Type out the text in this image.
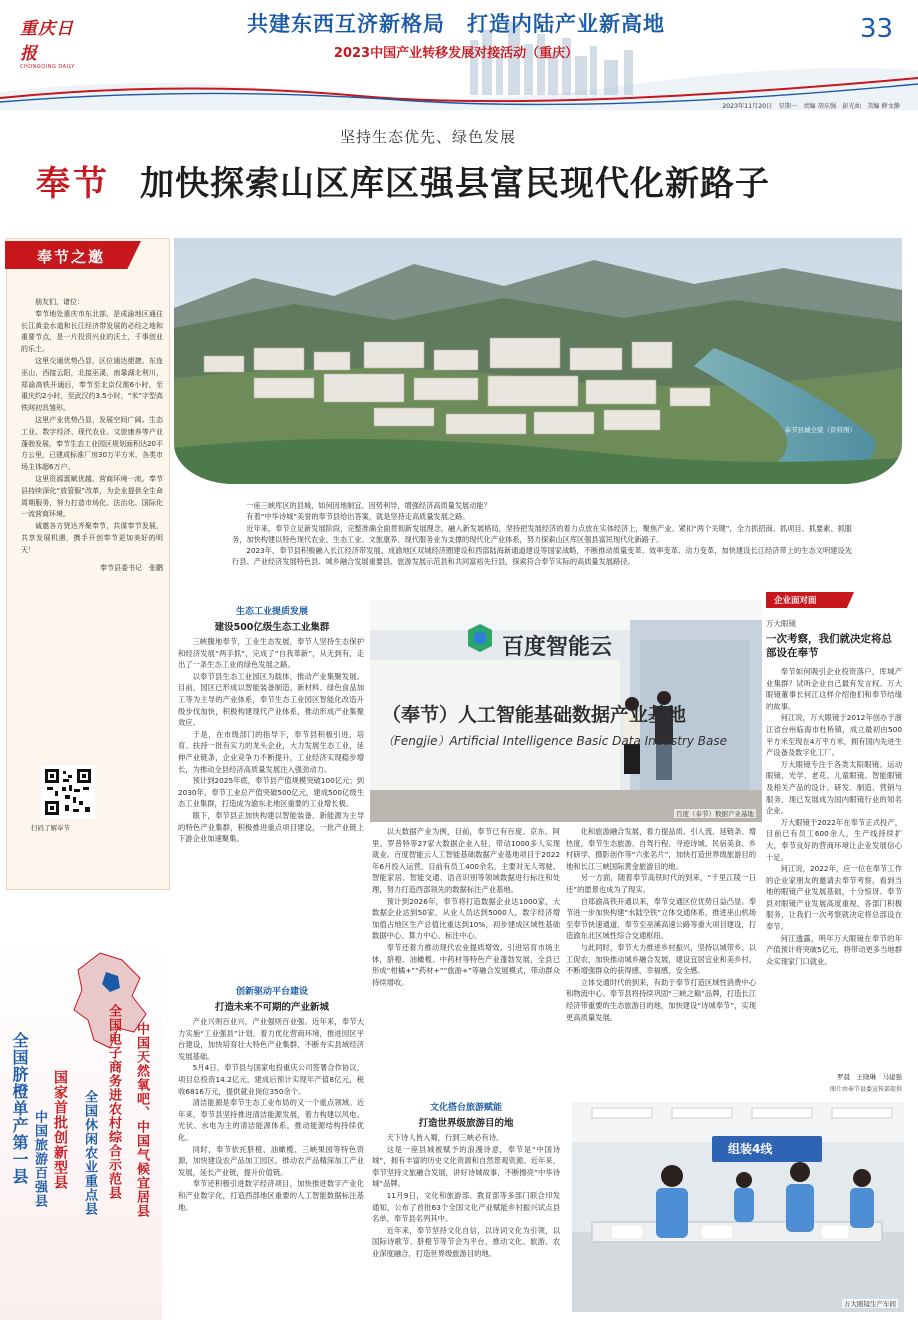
重庆日报
CHONGQING DAILY
共建东西互济新格局　打造内陆产业新高地
2023中国产业转移发展对接活动（重庆）
33
2023年11月20日　星期一　责编 胡东强　彭光灿　美编 薛文静
坚持生态优先、绿色发展
奉节 加快探索山区库区强县富民现代化新路子
奉节之邀

朋友们，诸位：

奉节地处重庆市东北部，是成渝地区通往长江黄金水道和长江经济带发展的必经之地和重要节点，是一片投资兴业的沃土，千事创业的乐土。

这里交通优势凸显，区位通达便捷。东连巫山，西接云阳，北接巫溪，南靠湖北利川，郑渝高铁开通后，奉节至北京仅需6小时，至重庆约2小时，至武汉约3.5小时，“米”字型高铁网初具雏形。

这里产业优势凸显，发展空间广阔。生态工业、数字经济、现代农业、文旅康养等产业蓬勃发展，奉节生态工业园区规划面积达20平方公里，已建成标准厂房30万平方米，各类市场主体超6万户。

这里资源禀赋优越，营商环境一流。奉节县持续深化“放管服”改革，为企业提供全生命周期服务，努力打造市场化、法治化、国际化一流营商环境。

诚邀各方贤达齐聚奉节，共谋奉节发展，共享发展机遇，携手开创奉节更加美好的明天！

奉节县委书记　张鹏

扫码了解奉节
全国脐橙单产第一县 国家首批创新型县
中国旅游百强县	全国休闲农业重点县 全国电子商务进农村综合示范县 中国天然氧吧、中国气候宜居县
奉节县城全貌（资料图）

一座三峡库区的县城，如何因地制宜、因势利导，增强经济高质量发展动能？

有着“中华诗城”美誉的奉节县给出答案，就是坚持走高质量发展之路。

近年来，奉节立足新发展阶段，完整准确全面贯彻新发展理念，融入新发展格局，坚持把发展经济的着力点放在实体经济上，聚焦产业、紧扣“两个关键”，全力抓招商、抓项目、抓要素、抓服务，加快构建以特色现代农业、生态工业、文旅康养、现代服务业为支撑的现代化产业体系，努力探索山区库区强县富民现代化新路子。

2023年，奉节县积极融入长江经济带发展、成渝地区双城经济圈建设和西部陆海新通道建设等国家战略，不断推动质量变革、效率变革、动力变革，加快建设长江经济带上的生态文明建设先行县、产业经济发展特色县、城乡融合发展重要县、旅游发展示范县和共同富裕先行县，探索符合奉节实际的高质量发展路径。

生态工业提质发展
建设500亿级生态工业集群

三峡腹地奉节，工业生态发展，奉节人坚持生态保护和经济发展“两手抓”，完成了“自我革新”，从无到有，走出了一条生态工业的绿色发展之路。

以奉节县生态工业园区为载体，推动产业集聚发展。目前，园区已形成以智能装备制造、新材料、绿色食品加工等为主导的产业体系，奉节生态工业园区智能化改造升级步伐加快，积极构建现代产业体系，推动形成产业集聚效应。

于是，在市级部门的指导下，奉节县积极引进、培育、扶持一批有实力的龙头企业，大力发展生态工业，延伸产业链条，企业竞争力不断提升，工业经济实现稳步增长，为推动全县经济高质量发展注入强劲动力。

预计到2025年底，奉节县产值规模突破100亿元；到2030年，奉节工业总产值突破500亿元，建成500亿级生态工业集群，打造成为渝东北地区重要的工业增长极。

眼下，奉节县正加快构建以智能装备、新能源为主导的特色产业集群，积极推进重点项目建设，一批产业链上下游企业加速聚集。

创新驱动平台建设
打造未来不可期的产业新城

产业兴则百业兴，产业强则百业强。近年来，奉节大力实施“工业强县”计划，着力优化营商环境，推进园区平台建设，加快培育壮大特色产业集群，不断夯实县域经济发展基础。

5月4日，奉节县与国家电投重庆公司签署合作协议，项目总投资14.2亿元，建成后预计实现年产值8亿元，税收6816万元，提供就业岗位350余个。

清洁能源是奉节生态工业布局的又一个重点领域。近年来，奉节县坚持推进清洁能源发展，着力构建以风电、光伏、水电为主的清洁能源体系，推动能源结构持续优化。

同时，奉节依托脐橙、油橄榄、三峡果园等特色资源，加快建设农产品加工园区，推动农产品精深加工产业发展，延长产业链，提升价值链。

奉节还积极引进数字经济项目，加快推进数字产业化和产业数字化，打造西部地区重要的人工智能数据标注基地。

百度智能云
（奉节）人工智能基础数据产业基地
（Fengjie）Artificial Intelligence Basic Data Industry Base
百度（奉节）数据产业基地

以大数据产业为例，目前，奉节已有百度、京东、阿里、罗普特等27家大数据企业入驻，带动1000多人实现就业。百度智能云人工智能基础数据产业基地项目于2022年6月投入运营，目前有员工400余名，主要对无人驾驶、智能家居、智能交通、语音识别等领域数据进行标注和处理，努力打造西部领先的数据标注产业基地。

预计到2026年，奉节将打造数据企业达1000家，大数据企业达到50家，从业人员达到5000人，数字经济增加值占地区生产总值比重达到10%，初步建成区域性基础数据中心、算力中心、标注中心。

奉节还着力推动现代农业提质增效，引进培育市场主体，脐橙、油橄榄、中药材等特色产业蓬勃发展，全县已形成“柑橘+”“药材+”“旅游+”等融合发展模式，带动群众持续增收。

文化搭台旅游赋能
打造世界级旅游目的地

天下诗人皆入蜀，行到三峡必有诗。

这是一座县城被赋予的浪漫诗意，奉节是“中国诗城”，拥有丰富的历史文化资源和自然景观资源。近年来，奉节坚持文旅融合发展，讲好诗城故事，不断擦亮“中华诗城”品牌。

11月9日，文化和旅游部、教育部等多部门联合印发通知，公布了首批63个全国文化产业赋能乡村振兴试点县名单，奉节县名列其中。

近年来，奉节坚持文化自信，以诗词文化为引领，以国际诗歌节、脐橙节等节会为平台，推动文化、旅游、农业深度融合，打造世界级旅游目的地。

化和旅游融合发展，着力提品质、引人流、延链条、增热度，奉节生态旅游、自驾行程、寻迹诗城、民宿美食、乡村研学、摄影创作等“六张名片”，加快打造世界级旅游目的地和长江三峡国际黄金旅游目的地。

另一方面，随着奉节高铁时代的到来，“千里江陵一日还”的愿景也成为了现实。

自郑渝高铁开通以来，奉节交通区位优势日益凸显。奉节进一步加快构建“水陆空铁”立体交通体系，推进巫山机场至奉节快速通道、奉节至巫溪高速公路等重大项目建设，打造渝东北区域性综合交通枢纽。

与此同时，奉节大力推进乡村振兴，坚持以城带乡、以工促农，加快推动城乡融合发展，建设宜居宜业和美乡村，不断增强群众的获得感、幸福感、安全感。

立体交通时代的到来，有助于奉节打造区域性消费中心和物流中心。奉节县将持续巩固“三峡之巅”品牌，打造长江经济带重要的生态旅游目的地，加快建设“诗城奉节”，实现更高质量发展。

企业面对面
万大眼镜
一次考察，我们就决定将总部设在奉节

奉节如何吸引企业投资落户，库城产业集群？试听企业自己最有发言权。万大眼镜董事长何江这样介绍他们和奉节结缘的故事。

何江说，万大眼镜于2012年创办于浙江省台州临海市杜桥镇，成立最初由500平方米至现在4万平方米，拥有国内先进生产设备及数字化工厂。

万大眼镜专注于各类太阳眼镜、运动眼镜、光学、老花、儿童眼镜、智能眼镜及相关产品的设计、研发、制造、营销与服务，现已发展成为国内眼镜行业的知名企业。

万大眼镜于2022年在奉节正式投产，目前已有员工600余人，生产线持续扩大，奉节良好的营商环境让企业发展信心十足。

何江说，2022年，应一位在奉节工作的企业家朋友的邀请去奉节考察，看到当地的眼镜产业发展基础，十分惊讶。奉节县对眼镜产业发展高度重视，各部门积极服务，让我们一次考察就决定将总部设在奉节。

何江透露，明年万大眼镜在奉节的年产值预计将突破5亿元，将带动更多当地群众实现家门口就业。

罗晨　王晓琳　马建强
图片由奉节县委宣传部提供
组装4线
万大眼镜生产车间
